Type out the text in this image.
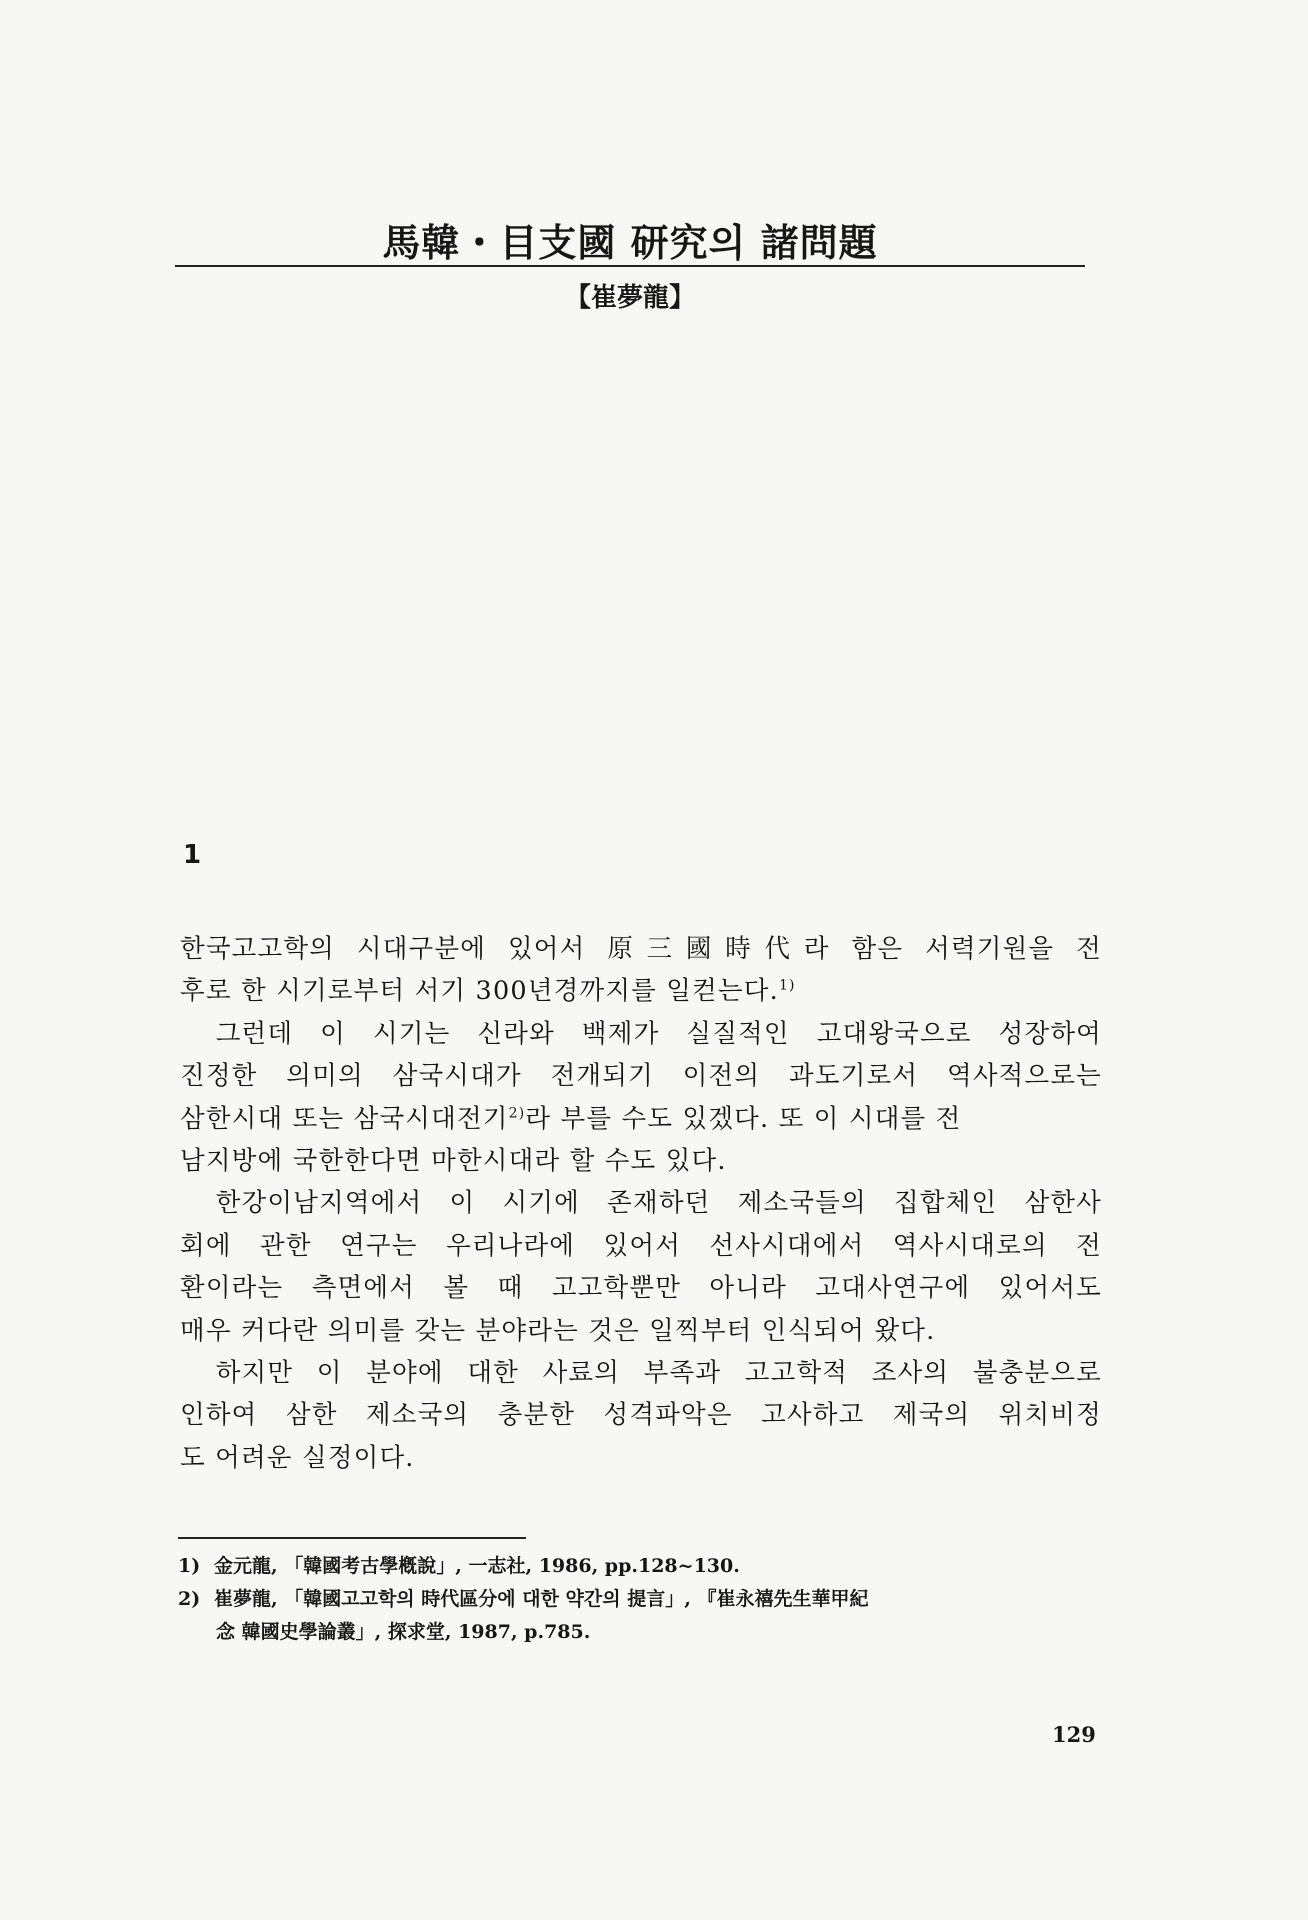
馬韓・目支國 研究의 諸問題
【崔夢龍】
1
한국고고학의 시대구분에 있어서 原三國時代라 함은 서력기원을 전
후로 한 시기로부터 서기 300년경까지를 일컫는다.$^{1)}$
그런데 이 시기는 신라와 백제가 실질적인 고대왕국으로 성장하여
진정한 의미의 삼국시대가 전개되기 이전의 과도기로서 역사적으로는
삼한시대 또는 삼국시대전기$^{2)}$라 부를 수도 있겠다. 또 이 시대를 전
남지방에 국한한다면 마한시대라 할 수도 있다.
한강이남지역에서 이 시기에 존재하던 제소국들의 집합체인 삼한사
회에 관한 연구는 우리나라에 있어서 선사시대에서 역사시대로의 전
환이라는 측면에서 볼 때 고고학뿐만 아니라 고대사연구에 있어서도
매우 커다란 의미를 갖는 분야라는 것은 일찍부터 인식되어 왔다.
하지만 이 분야에 대한 사료의 부족과 고고학적 조사의 불충분으로
인하여 삼한 제소국의 충분한 성격파악은 고사하고 제국의 위치비정
도 어려운 실정이다.
1) 金元龍, 「韓國考古學槪說」, 一志社, 1986, pp.128~130.
2) 崔夢龍, 「韓國고고학의 時代區分에 대한 약간의 提言」, 『崔永禧先生華甲紀
念 韓國史學論叢」, 探求堂, 1987, p.785.
129
